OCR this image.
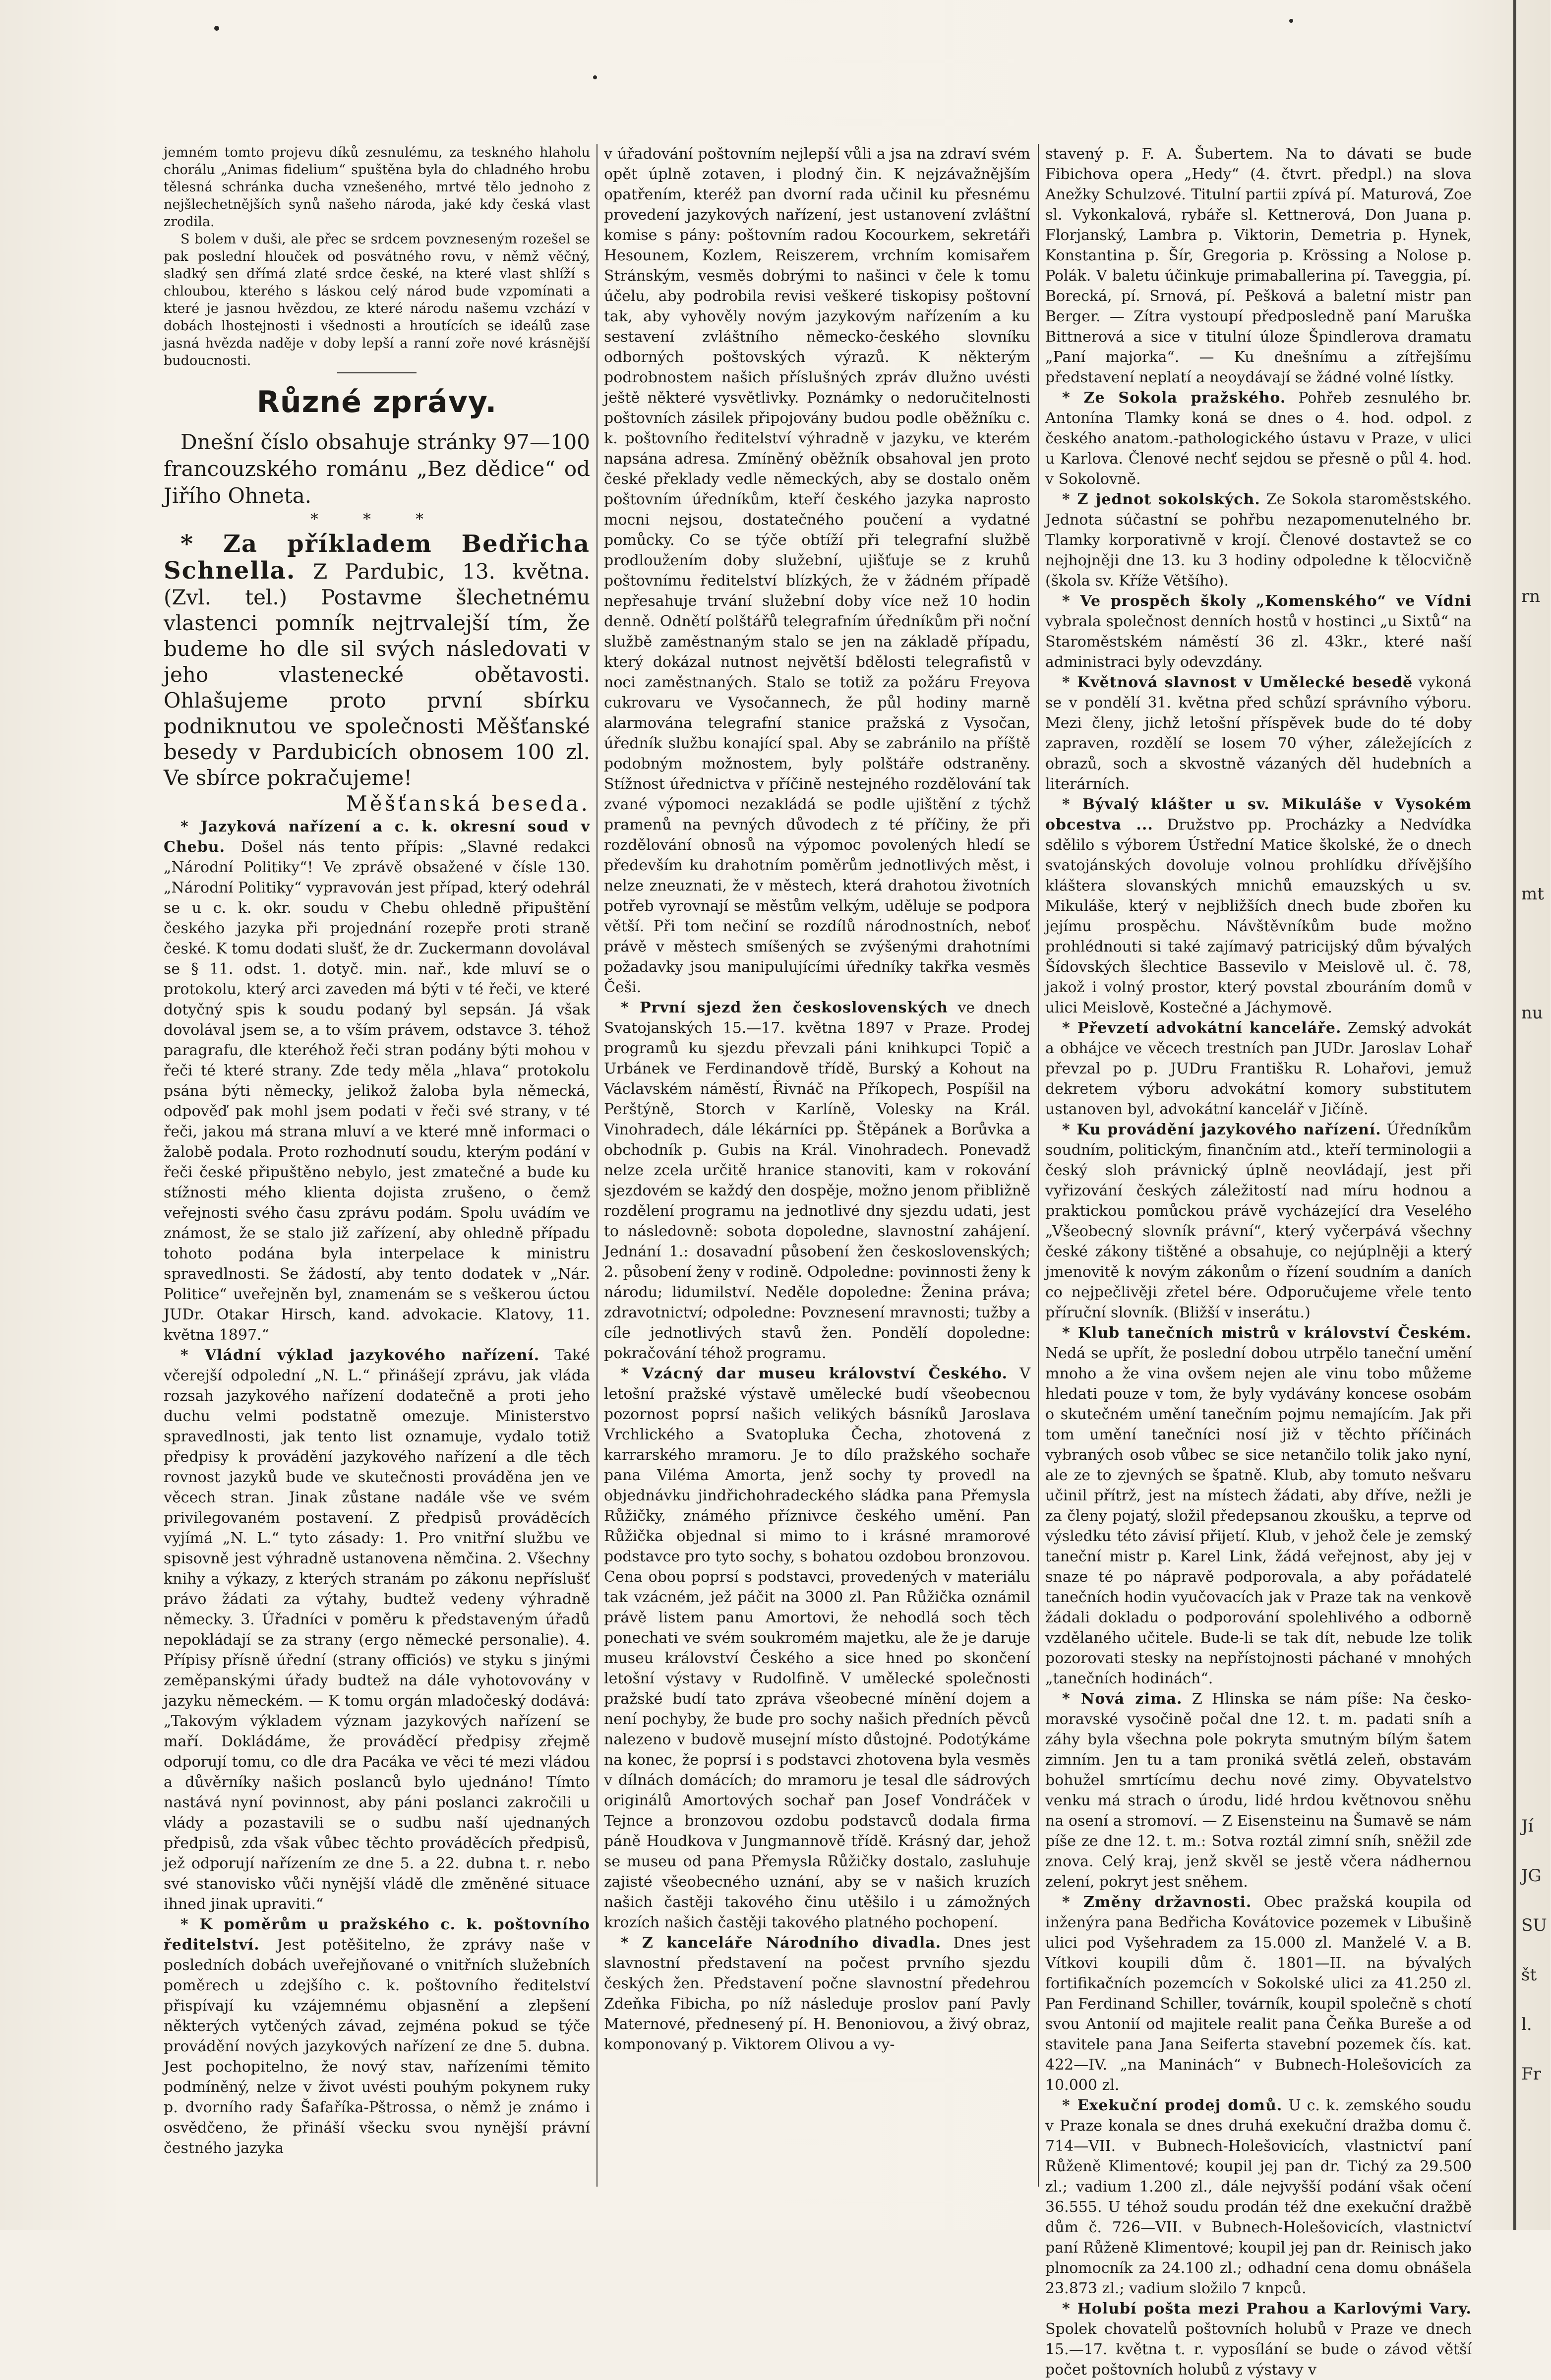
jemném tomto projevu díků zesnulému, za teskného hlaholu chorálu „Animas fidelium“ spuštěna byla do chladného hrobu tělesná schránka ducha vznešeného, mrtvé tělo jednoho z nejšlechetnějších synů našeho národa, jaké kdy česká vlast zrodila.

S bolem v duši, ale přec se srdcem povzneseným rozešel se pak poslední hlouček od posvátného rovu, v němž věčný, sladký sen dřímá zlaté srdce české, na které vlast shlíží s chloubou, kterého s láskou celý národ bude vzpomínati a které je jasnou hvězdou, ze které národu našemu vzchází v dobách lhostejnosti i všednosti a hroutících se ideálů zase jasná hvězda naděje v doby lepší a ranní zoře nové krásnější budoucnosti.

Různé zprávy.

Dnešní číslo obsahuje stránky 97—100 francouzského románu „Bez dědice“ od Jiřího Ohneta.

* * *

* Za příkladem Bedřicha Schnella. Z Pardubic, 13. května. (Zvl. tel.) Postavme šlechetnému vlastenci pomník nejtrvalejší tím, že budeme ho dle sil svých následovati v jeho vlastenecké obětavosti. Ohlašujeme proto první sbírku podniknutou ve společnosti Měšťanské besedy v Pardubicích obnosem 100 zl. Ve sbírce pokračujeme!

Měšťanská beseda.

* Jazyková nařízení a c. k. okresní soud v Chebu. Došel nás tento přípis: „Slavné redakci „Národní Politiky“! Ve zprávě obsažené v čísle 130. „Národní Politiky“ vypravován jest případ, který odehrál se u c. k. okr. soudu v Chebu ohledně připuštění českého jazyka při projednání rozepře proti straně české. K tomu dodati slušť, že dr. Zuckermann dovolával se § 11. odst. 1. dotyč. min. nař., kde mluví se o protokolu, který arci zaveden má býti v té řeči, ve které dotyčný spis k soudu podaný byl sepsán. Já však dovolával jsem se, a to vším právem, odstavce 3. téhož paragrafu, dle kteréhož řeči stran podány býti mohou v řeči té které strany. Zde tedy měla „hlava“ protokolu psána býti německy, jelikož žaloba byla německá, odpověď pak mohl jsem podati v řeči své strany, v té řeči, jakou má strana mluví a ve které mně informaci o žalobě podala. Proto rozhodnutí soudu, kterým podání v řeči české připuštěno nebylo, jest zmatečné a bude ku stížnosti mého klienta dojista zrušeno, o čemž veřejnosti svého času zprávu podám. Spolu uvádím ve známost, že se stalo již zařízení, aby ohledně případu tohoto podána byla interpelace k ministru spravedlnosti. Se žádostí, aby tento dodatek v „Nár. Politice“ uveřejněn byl, znamenám se s veškerou úctou JUDr. Otakar Hirsch, kand. advokacie. Klatovy, 11. května 1897.“

* Vládní výklad jazykového nařízení. Také včerejší odpolední „N. L.“ přinášejí zprávu, jak vláda rozsah jazykového nařízení dodatečně a proti jeho duchu velmi podstatně omezuje. Ministerstvo spravedlnosti, jak tento list oznamuje, vydalo totiž předpisy k provádění jazykového nařízení a dle těch rovnost jazyků bude ve skutečnosti prováděna jen ve věcech stran. Jinak zůstane nadále vše ve svém privilegovaném postavení. Z předpisů prováděcích vyjímá „N. L.“ tyto zásady: 1. Pro vnitřní službu ve spisovně jest výhradně ustanovena němčina. 2. Všechny knihy a výkazy, z kterých stranám po zákonu nepříslušť právo žádati za výtahy, budtež vedeny výhradně německy. 3. Úřadníci v poměru k představeným úřadů nepokládají se za strany (ergo německé personalie). 4. Přípisy přísně úřední (strany officiós) ve styku s jinými zeměpanskými úřady budtež na dále vyhotovovány v jazyku německém. — K tomu orgán mladočeský dodává: „Takovým výkladem význam jazykových nařízení se maří. Dokládáme, že prováděcí předpisy zřejmě odporují tomu, co dle dra Pacáka ve věci té mezi vládou a důvěrníky našich poslanců bylo ujednáno! Tímto nastává nyní povinnost, aby páni poslanci zakročili u vlády a pozastavili se o sudbu naší ujednaných předpisů, zda však vůbec těchto prováděcích předpisů, jež odporují nařízením ze dne 5. a 22. dubna t. r. nebo své stanovisko vůči nynější vládě dle změněné situace ihned jinak upraviti.“

* K poměrům u pražského c. k. poštovního ředitelství. Jest potěšitelno, že zprávy naše v posledních dobách uveřejňované o vnitřních služebních poměrech u zdejšího c. k. poštovního ředitelství přispívají ku vzájemnému objasnění a zlepšení některých vytčených závad, zejména pokud se týče provádění nových jazykových nařízení ze dne 5. dubna. Jest pochopitelno, že nový stav, nařízeními těmito podmíněný, nelze v život uvésti pouhým pokynem ruky p. dvorního rady Šafaříka-Pštrossa, o němž je známo i osvědčeno, že přináší všecku svou nynější právní čestného jazyka

v úřadování poštovním nejlepší vůli a jsa na zdraví svém opět úplně zotaven, i plodný čin. K nejzávažnějším opatřením, kteréž pan dvorní rada učinil ku přesnému provedení jazykových nařízení, jest ustanovení zvláštní komise s pány: poštovním radou Kocourkem, sekretáři Hesounem, Kozlem, Reiszerem, vrchním komisařem Stránským, vesměs dobrými to našinci v čele k tomu účelu, aby podrobila revisi veškeré tiskopisy poštovní tak, aby vyhověly novým jazykovým nařízením a ku sestavení zvláštního německo-českého slovníku odborných poštovských výrazů. K některým podrobnostem našich příslušných zpráv dlužno uvésti ještě některé vysvětlivky. Poznámky o nedoručitelnosti poštovních zásilek připojovány budou podle oběžníku c. k. poštovního ředitelství výhradně v jazyku, ve kterém napsána adresa. Zmíněný oběžník obsahoval jen proto české překlady vedle německých, aby se dostalo oněm poštovním úředníkům, kteří českého jazyka naprosto mocni nejsou, dostatečného poučení a vydatné pomůcky. Co se týče obtíží při telegrafní službě prodloužením doby služební, ujišťuje se z kruhů poštovnímu ředitelství blízkých, že v žádném případě nepřesahuje trvání služební doby více než 10 hodin denně. Odnětí polštářů telegrafním úředníkům při noční službě zaměstnaným stalo se jen na základě případu, který dokázal nutnost největší bdělosti telegrafistů v noci zaměstnaných. Stalo se totiž za požáru Freyova cukrovaru ve Vysočannech, že půl hodiny marně alarmována telegrafní stanice pražská z Vysočan, úředník službu konající spal. Aby se zabránilo na příště podobným možnostem, byly polštáře odstraněny. Stížnost úřednictva v příčině nestejného rozdělování tak zvané výpomoci nezakládá se podle ujištění z týchž pramenů na pevných důvodech z té příčiny, že při rozdělování obnosů na výpomoc povolených hledí se především ku drahotním poměrům jednotlivých měst, i nelze zneuznati, že v městech, která drahotou životních potřeb vyrovnají se městům velkým, uděluje se podpora větší. Při tom nečiní se rozdílů národnostních, neboť právě v městech smíšených se zvýšenými drahotními požadavky jsou manipulujícími úředníky takřka vesměs Češi.

* První sjezd žen československých ve dnech Svatojanských 15.—17. května 1897 v Praze. Prodej programů ku sjezdu převzali páni knihkupci Topič a Urbánek ve Ferdinandově třídě, Burský a Kohout na Václavském náměstí, Řivnáč na Příkopech, Pospíšil na Perštýně, Storch v Karlíně, Volesky na Král. Vinohradech, dále lékárníci pp. Štěpánek a Borůvka a obchodník p. Gubis na Král. Vinohradech. Ponevadž nelze zcela určitě hranice stanoviti, kam v rokování sjezdovém se každý den dospěje, možno jenom přibližně rozdělení programu na jednotlivé dny sjezdu udati, jest to následovně: sobota dopoledne, slavnostní zahájení. Jednání 1.: dosavadní působení žen československých; 2. působení ženy v rodině. Odpoledne: povinnosti ženy k národu; lidumilství. Neděle dopoledne: Ženina práva; zdravotnictví; odpoledne: Povznesení mravnosti; tužby a cíle jednotlivých stavů žen. Pondělí dopoledne: pokračování téhož programu.

* Vzácný dar museu království Českého. V letošní pražské výstavě umělecké budí všeobecnou pozornost poprsí našich velikých básníků Jaroslava Vrchlického a Svatopluka Čecha, zhotovená z karrarského mramoru. Je to dílo pražského sochaře pana Viléma Amorta, jenž sochy ty provedl na objednávku jindřichohradeckého sládka pana Přemysla Růžičky, známého příznivce českého umění. Pan Růžička objednal si mimo to i krásné mramorové podstavce pro tyto sochy, s bohatou ozdobou bronzovou. Cena obou poprsí s podstavci, provedených v materiálu tak vzácném, jež páčit na 3000 zl. Pan Růžička oznámil právě listem panu Amortovi, že nehodlá soch těch ponechati ve svém soukromém majetku, ale že je daruje museu království Českého a sice hned po skončení letošní výstavy v Rudolfině. V umělecké společnosti pražské budí tato zpráva všeobecné mínění dojem a není pochyby, že bude pro sochy našich předních pěvců nalezeno v budově musejní místo důstojné. Podotýkáme na konec, že poprsí i s podstavci zhotovena byla vesměs v dílnách domácích; do mramoru je tesal dle sádrových originálů Amortových sochař pan Josef Vondráček v Tejnce a bronzovou ozdobu podstavců dodala firma páně Houdkova v Jungmannově třídě. Krásný dar, jehož se museu od pana Přemysla Růžičky dostalo, zasluhuje zajisté všeobecného uznání, aby se v našich kruzích našich častěji takového činu utěšilo i u zámožných krozích našich častěji takového platného pochopení.

* Z kanceláře Národního divadla. Dnes jest slavnostní představení na počest prvního sjezdu českých žen. Představení počne slavnostní předehrou Zdeňka Fibicha, po níž následuje proslov paní Pavly Maternové, přednesený pí. H. Benoniovou, a živý obraz, komponovaný p. Viktorem Olivou a vy-

stavený p. F. A. Šubertem. Na to dávati se bude Fibichova opera „Hedy“ (4. čtvrt. předpl.) na slova Anežky Schulzové. Titulní partii zpívá pí. Maturová, Zoe sl. Vykonkalová, rybáře sl. Kettnerová, Don Juana p. Florjanský, Lambra p. Viktorin, Demetria p. Hynek, Konstantina p. Šír, Gregoria p. Krössing a Nolose p. Polák. V baletu účinkuje primaballerina pí. Taveggia, pí. Borecká, pí. Srnová, pí. Pešková a baletní mistr pan Berger. — Zítra vystoupí předposledně paní Maruška Bittnerová a sice v titulní úloze Špindlerova dramatu „Paní majorka“. — Ku dnešnímu a zítřejšímu představení neplatí a neoydávají se žádné volné lístky.

* Ze Sokola pražského. Pohřeb zesnulého br. Antonína Tlamky koná se dnes o 4. hod. odpol. z českého anatom.-pathologického ústavu v Praze, v ulici u Karlova. Členové nechť sejdou se přesně o půl 4. hod. v Sokolovně.

* Z jednot sokolských. Ze Sokola staroměstského. Jednota súčastní se pohřbu nezapomenutelného br. Tlamky korporativně v krojí. Členové dostavtež se co nejhojněji dne 13. ku 3 hodiny odpoledne k tělocvičně (škola sv. Kříže Většího).

* Ve prospěch školy „Komenského“ ve Vídni vybrala společnost denních hostů v hostinci „u Sixtů“ na Staroměstském náměstí 36 zl. 43kr., které naší administraci byly odevzdány.

* Květnová slavnost v Umělecké besedě vykoná se v pondělí 31. května před schůzí správního výboru. Mezi členy, jichž letošní příspěvek bude do té doby zapraven, rozdělí se losem 70 výher, záležejících z obrazů, soch a skvostně vázaných děl hudebních a literárních.

* Bývalý klášter u sv. Mikuláše v Vysokém obcestva ... Družstvo pp. Procházky a Nedvídka sdělilo s výborem Ústřední Matice školské, že o dnech svatojánských dovoluje volnou prohlídku dřívějšího kláštera slovanských mnichů emauzských u sv. Mikuláše, který v nejbližších dnech bude zbořen ku jejímu prospěchu. Návštěvníkům bude možno prohlédnouti si také zajímavý patricijský dům bývalých Šídovských šlechtice Bassevilo v Meislově ul. č. 78, jakož i volný prostor, který povstal zbouráním domů v ulici Meislově, Kostečné a Jáchymově.

* Převzetí advokátní kanceláře. Zemský advokát a obhájce ve věcech trestních pan JUDr. Jaroslav Lohař převzal po p. JUDru Františku R. Lohařovi, jemuž dekretem výboru advokátní komory substitutem ustanoven byl, advokátní kancelář v Jičíně.

* Ku provádění jazykového nařízení. Úředníkům soudním, politickým, finančním atd., kteří terminologii a český sloh právnický úplně neovládají, jest při vyřizování českých záležitostí nad míru hodnou a praktickou pomůckou právě vycházející dra Veselého „Všeobecný slovník právní“, který vyčerpává všechny české zákony tištěné a obsahuje, co nejúplněji a který jmenovitě k novým zákonům o řízení soudním a daních co nejpečlivěji zřetel bére. Odporučujeme vřele tento příruční slovník. (Bližší v inserátu.)

* Klub tanečních mistrů v království Českém. Nedá se upřít, že poslední dobou utrpělo taneční umění mnoho a že vina ovšem nejen ale vinu tobo můžeme hledati pouze v tom, že byly vydávány koncese osobám o skutečném umění tanečním pojmu nemajícím. Jak při tom umění tanečníci nosí již v těchto příčinách vybraných osob vůbec se sice netančilo tolik jako nyní, ale ze to zjevných se špatně. Klub, aby tomuto nešvaru učinil přítrž, jest na místech žádati, aby dříve, nežli je za členy pojatý, složil předepsanou zkoušku, a teprve od výsledku této závisí přijetí. Klub, v jehož čele je zemský taneční mistr p. Karel Link, žádá veřejnost, aby jej v snaze té po nápravě podporovala, a aby pořádatelé tanečních hodin vyučovacích jak v Praze tak na venkově žádali dokladu o podporování spolehlivého a odborně vzdělaného učitele. Bude-li se tak dít, nebude lze tolik pozorovati stesky na nepřístojnosti páchané v mnohých „tanečních hodinách“.

* Nová zima. Z Hlinska se nám píše: Na česko-moravské vysočině počal dne 12. t. m. padati sníh a záhy byla všechna pole pokryta smutným bílým šatem zimním. Jen tu a tam proniká světlá zeleň, obstavám bohužel smrtícímu dechu nové zimy. Obyvatelstvo venku má strach o úrodu, lidé hrdou květnovou sněhu na osení a stromoví. — Z Eisensteinu na Šumavě se nám píše ze dne 12. t. m.: Sotva roztál zimní sníh, sněžil zde znova. Celý kraj, jenž skvěl se jestě včera nádhernou zelení, pokryt jest sněhem.

* Změny državnosti. Obec pražská koupila od inženýra pana Bedřicha Kovátovice pozemek v Libušině ulici pod Vyšehradem za 15.000 zl. Manželé V. a B. Vítkovi koupili dům č. 1801—II. na bývalých fortifikačních pozemcích v Sokolské ulici za 41.250 zl. Pan Ferdinand Schiller, továrník, koupil společně s chotí svou Antonií od majitele realit pana Čeňka Bureše a od stavitele pana Jana Seiferta stavební pozemek čís. kat. 422—IV. „na Maninách“ v Bubnech-Holešovicích za 10.000 zl.

* Exekuční prodej domů. U c. k. zemského soudu v Praze konala se dnes druhá exekuční dražba domu č. 714—VII. v Bubnech-Holešovicích, vlastnictví paní Růženě Klimentové; koupil jej pan dr. Tichý za 29.500 zl.; vadium 1.200 zl., dále nejvyšší podání však očení 36.555. U téhož soudu prodán též dne exekuční dražbě dům č. 726—VII. v Bubnech-Holešovicích, vlastnictví paní Růženě Klimentové; koupil jej pan dr. Reinisch jako plnomocník za 24.100 zl.; odhadní cena domu obnášela 23.873 zl.; vadium složilo 7 knpců.

* Holubí pošta mezi Prahou a Karlovými Vary. Spolek chovatelů poštovních holubů v Praze ve dnech 15.—17. května t. r. vyposílání se bude o závod větší počet poštovních holubů z výstavy v

rn
mt
nu
Jí
JG
SU
št
l.
Fr
